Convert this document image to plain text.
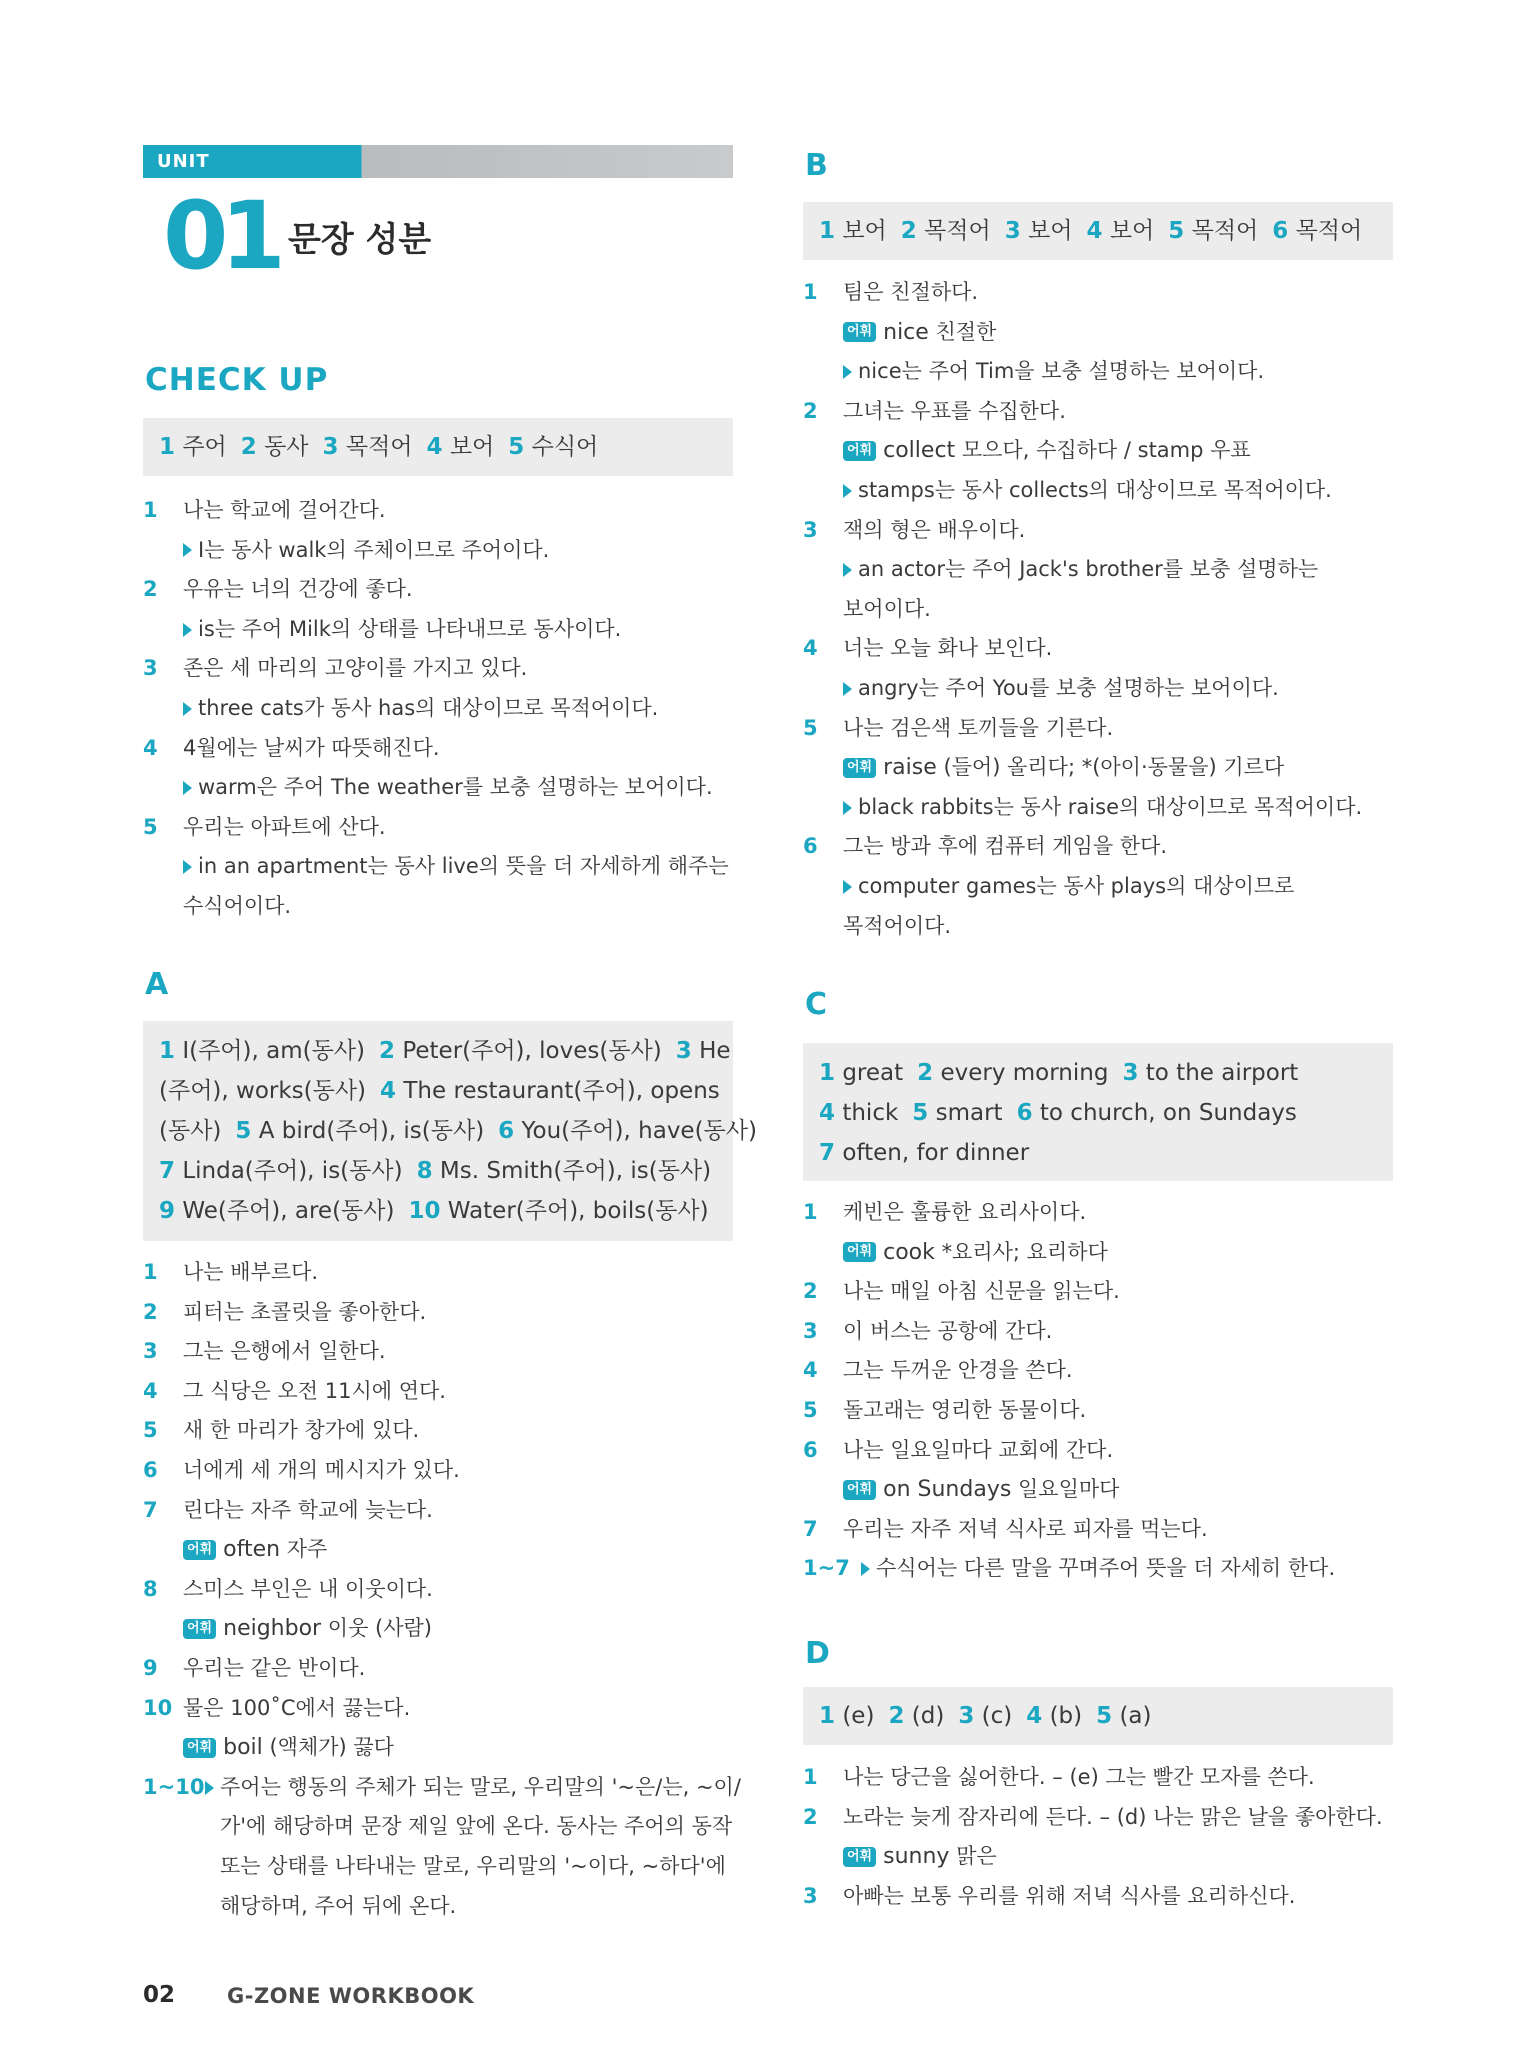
UNIT
01 문장 성분
CHECK UP
1 주어 2 동사 3 목적어 4 보어 5 수식어
1 나는 학교에 걸어간다.
I는 동사 walk의 주체이므로 주어이다.
2 우유는 너의 건강에 좋다.
is는 주어 Milk의 상태를 나타내므로 동사이다.
3 존은 세 마리의 고양이를 가지고 있다.
three cats가 동사 has의 대상이므로 목적어이다.
4 4월에는 날씨가 따뜻해진다.
warm은 주어 The weather를 보충 설명하는 보어이다.
5 우리는 아파트에 산다.
in an apartment는 동사 live의 뜻을 더 자세하게 해주는
수식어이다.
A
1 I(주어), am(동사) 2 Peter(주어), loves(동사) 3 He
(주어), works(동사) 4 The restaurant(주어), opens
(동사) 5 A bird(주어), is(동사) 6 You(주어), have(동사)
7 Linda(주어), is(동사) 8 Ms. Smith(주어), is(동사)
9 We(주어), are(동사) 10 Water(주어), boils(동사)
1 나는 배부르다.
2 피터는 초콜릿을 좋아한다.
3 그는 은행에서 일한다.
4 그 식당은 오전 11시에 연다.
5 새 한 마리가 창가에 있다.
6 너에게 세 개의 메시지가 있다.
7 린다는 자주 학교에 늦는다.
어휘 often
자주
8 스미스 부인은 내 이웃이다.
어휘 neighbor
이웃 (사람)
9 우리는 같은 반이다.
10 물은 100˚C에서 끓는다.
어휘 boil
(액체가) 끓다
1~10 주어는 행동의 주체가 되는 말로, 우리말의 '~은/는, ~이/
가'에 해당하며 문장 제일 앞에 온다. 동사는 주어의 동작
또는 상태를 나타내는 말로, 우리말의 '~이다, ~하다'에
해당하며, 주어 뒤에 온다.
B
1 보어 2 목적어 3 보어 4 보어 5 목적어 6 목적어
1 팀은 친절하다.
어휘 nice
친절한
nice는 주어 Tim을 보충 설명하는 보어이다.
2 그녀는 우표를 수집한다.
어휘 collect
모으다, 수집하다 / stamp 우표
stamps는 동사 collects의 대상이므로 목적어이다.
3 잭의 형은 배우이다.
an actor는 주어 Jack's brother를 보충 설명하는
보어이다.
4 너는 오늘 화나 보인다.
angry는 주어 You를 보충 설명하는 보어이다.
5 나는 검은색 토끼들을 기른다.
어휘 raise
(들어) 올리다; *(아이·동물을) 기르다
black rabbits는 동사 raise의 대상이므로 목적어이다.
6 그는 방과 후에 컴퓨터 게임을 한다.
computer games는 동사 plays의 대상이므로
목적어이다.
C
1 great 2 every morning 3 to the airport
4 thick 5 smart 6 to church, on Sundays
7 often, for dinner
1 케빈은 훌륭한 요리사이다.
어휘 cook
*요리사; 요리하다
2 나는 매일 아침 신문을 읽는다.
3 이 버스는 공항에 간다.
4 그는 두꺼운 안경을 쓴다.
5 돌고래는 영리한 동물이다.
6 나는 일요일마다 교회에 간다.
어휘 on Sundays
일요일마다
7 우리는 자주 저녁 식사로 피자를 먹는다.
1~7 수식어는 다른 말을 꾸며주어 뜻을 더 자세히 한다.
D
1 (e) 2 (d) 3 (c) 4 (b) 5 (a)
1 나는 당근을 싫어한다. – (e) 그는 빨간 모자를 쓴다.
2 노라는 늦게 잠자리에 든다. – (d) 나는 맑은 날을 좋아한다.
어휘 sunny
맑은
3 아빠는 보통 우리를 위해 저녁 식사를 요리하신다.
02 G-ZONE WORKBOOK
